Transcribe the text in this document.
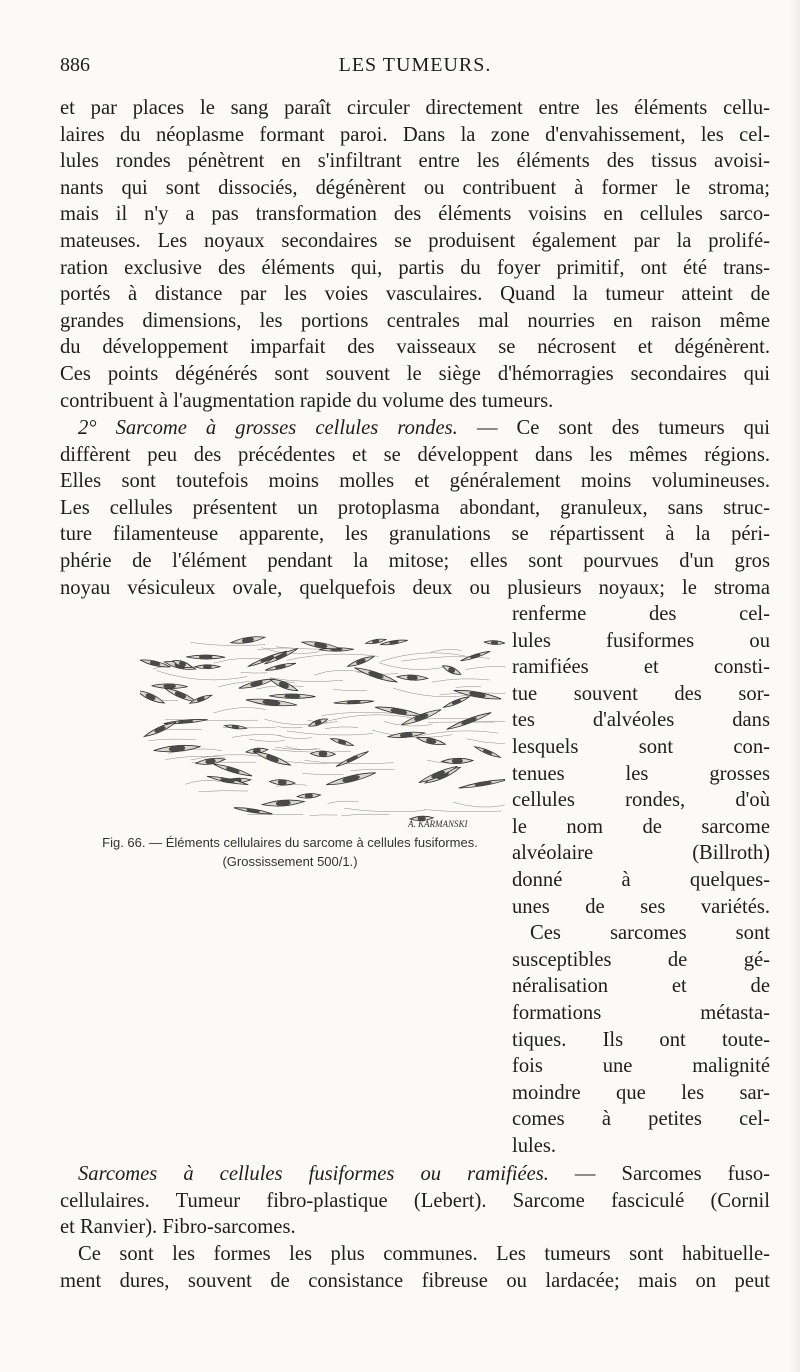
886	LES TUMEURS.
et par places le sang paraît circuler directement entre les éléments cellu-
laires du néoplasme formant paroi. Dans la zone d'envahissement, les cel-
lules rondes pénètrent en s'infiltrant entre les éléments des tissus avoisi-
nants qui sont dissociés, dégénèrent ou contribuent à former le stroma;
mais il n'y a pas transformation des éléments voisins en cellules sarco-
mateuses. Les noyaux secondaires se produisent également par la prolifé-
ration exclusive des éléments qui, partis du foyer primitif, ont été trans-
portés à distance par les voies vasculaires. Quand la tumeur atteint de
grandes dimensions, les portions centrales mal nourries en raison même
du développement imparfait des vaisseaux se nécrosent et dégénèrent.
Ces points dégénérés sont souvent le siège d'hémorragies secondaires qui
contribuent à l'augmentation rapide du volume des tumeurs.
2° Sarcome à grosses cellules rondes. — Ce sont des tumeurs qui
diffèrent peu des précédentes et se développent dans les mêmes régions.
Elles sont toutefois moins molles et généralement moins volumineuses.
Les cellules présentent un protoplasma abondant, granuleux, sans struc-
ture filamenteuse apparente, les granulations se répartissent à la péri-
phérie de l'élément pendant la mitose; elles sont pourvues d'un gros
noyau vésiculeux ovale, quelquefois deux ou plusieurs noyaux; le stroma
renferme des cel-
lules fusiformes ou
ramifiées et consti-
tue souvent des sor-
tes d'alvéoles dans
lesquels sont con-
tenues les grosses
cellules rondes, d'où
le nom de sarcome
alvéolaire (Billroth)
donné à quelques-
unes de ses variétés.
Ces sarcomes sont
susceptibles de gé-
néralisation et de
formations métasta-
tiques. Ils ont toute-
fois une malignité
moindre que les sar-
comes à petites cel-
lules.
A. KARMANSKI
Fig. 66. — Éléments cellulaires du sarcome à cellules fusiformes.
(Grossissement 500/1.)
Sarcomes à cellules fusiformes ou ramifiées. — Sarcomes fuso-
cellulaires. Tumeur fibro-plastique (Lebert). Sarcome fasciculé (Cornil
et Ranvier). Fibro-sarcomes.
Ce sont les formes les plus communes. Les tumeurs sont habituelle-
ment dures, souvent de consistance fibreuse ou lardacée; mais on peut
